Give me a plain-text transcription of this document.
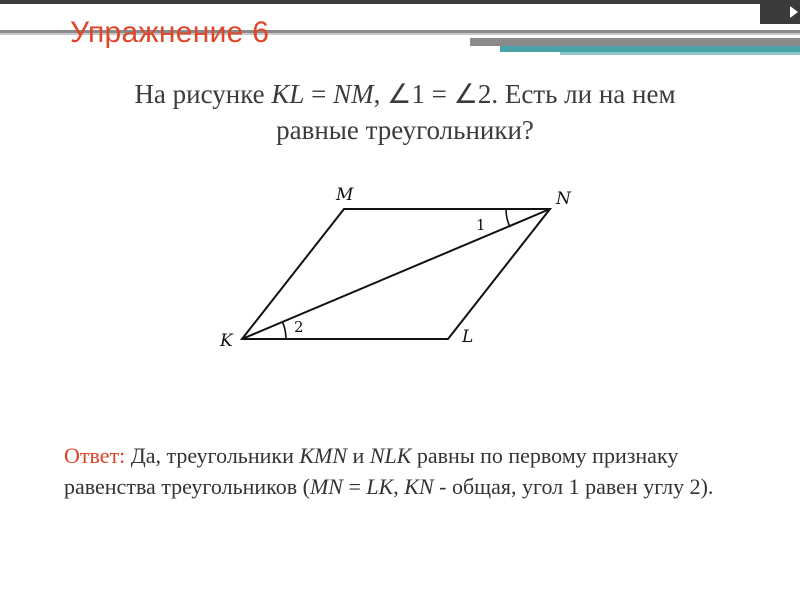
Упражнение 6
На рисунке KL = NM, ∠1 = ∠2. Есть ли на нем
равные треугольники?
M	N
K	L
1
2
Ответ: Да, треугольники KMN и NLK равны по первому признаку равенства треугольников (MN = LK, KN - общая, угол 1 равен углу 2).
